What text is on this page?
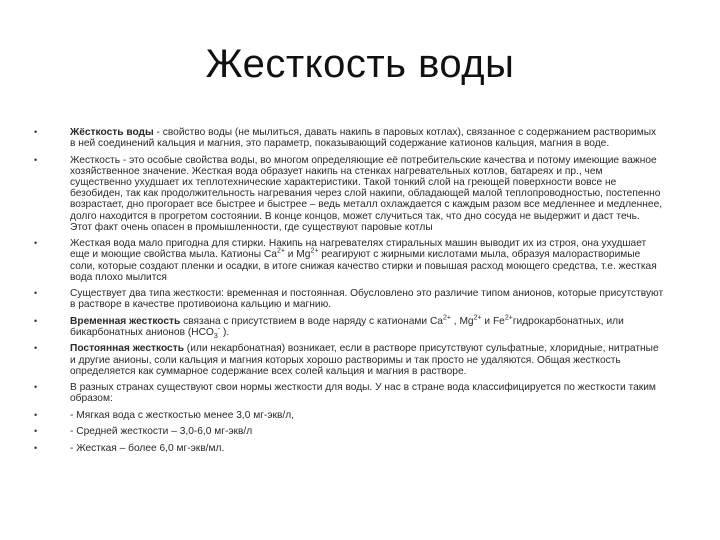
Жесткость воды
•	Жёсткость воды - свойство воды (не мылиться, давать накипь в паровых котлах), связанное с содержанием растворимых в ней соединений кальция и магния, это параметр, показывающий содержание катионов кальция, магния в воде.
•	Жесткость - это особые свойства воды, во многом определяющие её потребительские качества и потому имеющие важное хозяйственное значение. Жесткая вода образует накипь на стенках нагревательных котлов, батареях и пр., чем существенно ухудшает их теплотехнические характеристики. Такой тонкий слой на греющей поверхности вовсе не безобиден, так как продолжительность нагревания через слой накипи, обладающей малой теплопроводностью, постепенно возрастает, дно прогорает все быстрее и быстрее – ведь металл охлаждается с каждым разом все медленнее и медленнее, долго находится в прогретом состоянии. В конце концов, может случиться так, что дно сосуда не выдержит и даст течь. Этот факт очень опасен в промышленности, где существуют паровые котлы
•	Жесткая вода мало пригодна для стирки. Накипь на нагревателях стиральных машин выводит их из строя, она ухудшает еще и моющие свойства мыла. Катионы $Ca^{2+}$ и $Mg^{2+}$ реагируют с жирными кислотами мыла, образуя малорастворимые соли, которые создают пленки и осадки, в итоге снижая качество стирки и повышая расход моющего средства, т.е. жесткая вода плохо мылится
•	Существует два типа жесткости: временная и постоянная. Обусловлено это различие типом анионов, которые присутствуют в растворе в качестве противоиона кальцию и магнию.
•	Временная жесткость связана с присутствием в воде наряду с катионами $Ca^{2+}$ , $Mg^{2+}$ и $Fe^{2+}гидрокарбонатных$, или бикарбонатных анионов ($HCO_3^-$ ).
•	Постоянная жесткость (или некарбонатная) возникает, если в растворе присутствуют сульфатные, хлоридные, нитратные и другие анионы, соли кальция и магния которых хорошо растворимы и так просто не удаляются. Общая жесткость определяется как суммарное содержание всех солей кальция и магния в растворе.
•	В разных странах существуют свои нормы жесткости для воды. У нас в стране вода классифицируется по жесткости таким образом:
•	- Мягкая вода с жесткостью менее 3,0 мг-экв/л,
•	- Средней жесткости – 3,0-6,0 мг-экв/л
•	- Жесткая – более 6,0 мг-экв/мл.
